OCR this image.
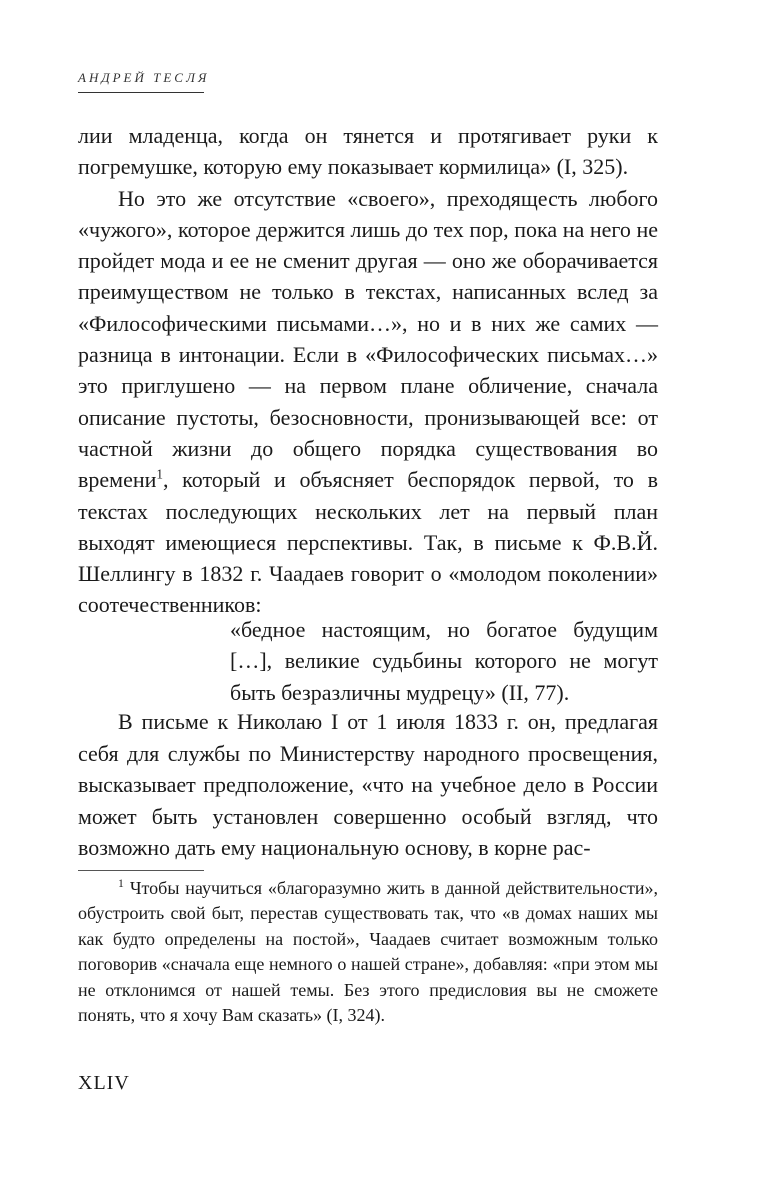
АНДРЕЙ ТЕСЛЯ

лии младенца, когда он тянется и протягивает руки к погремушке, которую ему показывает кормилица» (I, 325).

Но это же отсутствие «своего», преходящесть любого «чужого», которое держится лишь до тех пор, пока на него не пройдет мода и ее не сменит другая — оно же оборачивается преимуществом не только в текстах, написанных вслед за «Философическими письмами…», но и в них же самих — разница в интонации. Если в «Философических письмах…» это приглушено — на первом плане обличение, сначала описание пустоты, безосновности, пронизывающей все: от частной жизни до общего порядка существования во времени$^1$, который и объясняет беспорядок первой, то в текстах последующих нескольких лет на первый план выходят имеющиеся перспективы. Так, в письме к Ф.В.Й. Шеллингу в 1832 г. Чаадаев говорит о «молодом поколении» соотечественников:

«бедное настоящим, но богатое будущим […], великие судьбины которого не могут быть безразличны мудрецу» (II, 77).

В письме к Николаю I от 1 июля 1833 г. он, предлагая себя для службы по Министерству народного просвещения, высказывает предположение, «что на учебное дело в России может быть установлен совершенно особый взгляд, что возможно дать ему национальную основу, в корне рас-

$^1$ Чтобы научиться «благоразумно жить в данной действительности», обустроить свой быт, перестав существовать так, что «в домах наших мы как будто определены на постой», Чаадаев считает возможным только поговорив «сначала еще немного о нашей стране», добавляя: «при этом мы не отклонимся от нашей темы. Без этого предисловия вы не сможете понять, что я хочу Вам сказать» (I, 324).

XLIV
